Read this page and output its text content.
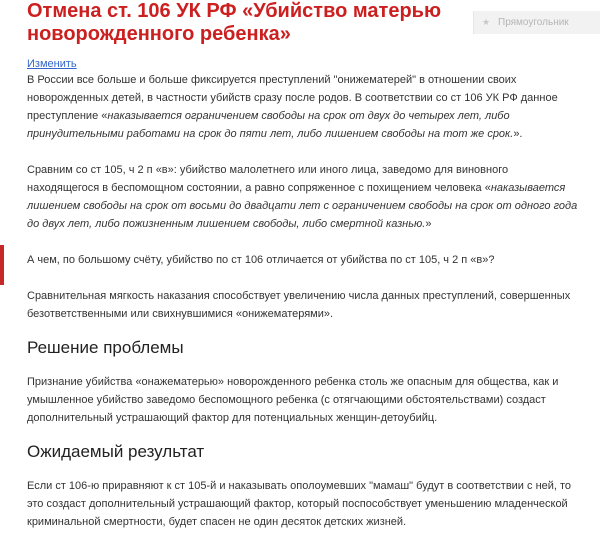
Отмена ст. 106 УК РФ «Убийство матерью новорожденного ребенка»
★ Прямоугольник
Изменить

В России все больше и больше фиксируется преступлений "онижематерей" в отношении своих новорожденных детей, в частности убийств сразу после родов. В соответствии со ст 106 УК РФ данное преступление «наказывается ограничением свободы на срок от двух до четырех лет, либо принудительными работами на срок до пяти лет, либо лишением свободы на тот же срок.».

Сравним со ст 105, ч 2 п «в»: убийство малолетнего или иного лица, заведомо для виновного находящегося в беспомощном состоянии, а равно сопряженное с похищением человека «наказывается лишением свободы на срок от восьми до двадцати лет с ограничением свободы на срок от одного года до двух лет, либо пожизненным лишением свободы, либо смертной казнью.»

А чем, по большому счёту, убийство по ст 106 отличается от убийства по ст 105, ч 2 п «в»?

Сравнительная мягкость наказания способствует увеличению числа данных преступлений, совершенных безответственными или свихнувшимися «онижематерями».

Решение проблемы

Признание убийства «онажематерью» новорожденного ребенка столь же опасным для общества, как и умышленное убийство заведомо беспомощного ребенка (с отягчающими обстоятельствами) создаст дополнительный устрашающий фактор для потенциальных женщин-детоубийц.

Ожидаемый результат

Если ст 106-ю приравняют к ст 105-й и наказывать ополоумевших "мамаш" будут в соответствии с ней, то это создаст дополнительный устрашающий фактор, который поспособствует уменьшению младенческой криминальной смертности, будет спасен не один десяток детских жизней.
